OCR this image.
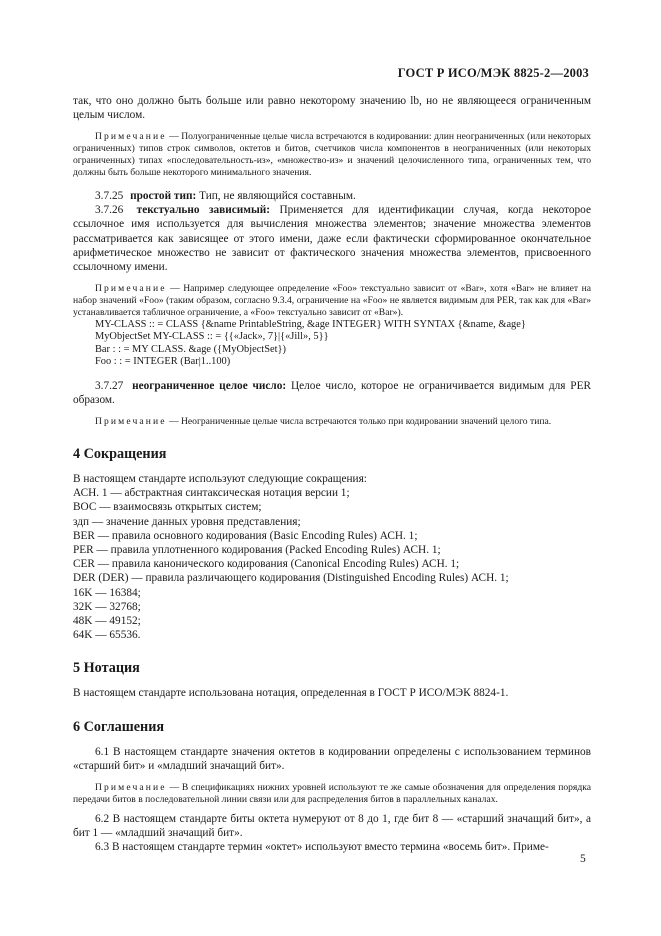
ГОСТ Р ИСО/МЭК 8825-2—2003

так, что оно должно быть больше или равно некоторому значению lb, но не являющееся ограниченным целым числом.

Примечание — Полуограниченные целые числа встречаются в кодировании: длин неограниченных (или некоторых ограниченных) типов строк символов, октетов и битов, счетчиков числа компонентов в неограниченных (или некоторых ограниченных) типах «последовательность-из», «множество-из» и значений целочисленного типа, ограниченных тем, что должны быть больше некоторого минимального значения.

3.7.25 простой тип: Тип, не являющийся составным.

3.7.26 текстуально зависимый: Применяется для идентификации случая, когда некоторое ссылочное имя используется для вычисления множества элементов; значение множества элементов рассматривается как зависящее от этого имени, даже если фактически сформированное окончательное арифметическое множество не зависит от фактического значения множества элементов, присвоенного ссылочному имени.

Примечание — Например следующее определение «Foo» текстуально зависит от «Bar», хотя «Bar» не влияет на набор значений «Foo» (таким образом, согласно 9.3.4, ограничение на «Foo» не является видимым для PER, так как для «Bar» устанавливается табличное ограничение, а «Foo» текстуально зависит от «Bar»).

MY-CLASS :: = CLASS {&name PrintableString, &age INTEGER} WITH SYNTAX {&name, &age}

MyObjectSet MY-CLASS :: = {{«Jack», 7}|{«Jill», 5}}

Bar : : = MY CLASS. &age ({MyObjectSet})

Foo : : = INTEGER (Bar|1..100)

3.7.27 неограниченное целое число: Целое число, которое не ограничивается видимым для PER образом.

Примечание — Неограниченные целые числа встречаются только при кодировании значений целого типа.

4 Сокращения

В настоящем стандарте используют следующие сокращения:

АСН. 1 — абстрактная синтаксическая нотация версии 1;

ВОС — взаимосвязь открытых систем;

здп — значение данных уровня представления;

BER — правила основного кодирования (Basic Encoding Rules) АСН. 1;

PER — правила уплотненного кодирования (Packed Encoding Rules) АСН. 1;

CER — правила канонического кодирования (Canonical Encoding Rules) АСН. 1;

DER (DER) — правила различающего кодирования (Distinguished Encoding Rules) АСН. 1;

16K — 16384;

32K — 32768;

48K — 49152;

64K — 65536.

5 Нотация

В настоящем стандарте использована нотация, определенная в ГОСТ Р ИСО/МЭК 8824-1.

6 Соглашения

6.1 В настоящем стандарте значения октетов в кодировании определены с использованием терминов «старший бит» и «младший значащий бит».

Примечание — В спецификациях нижних уровней используют те же самые обозначения для определения порядка передачи битов в последовательной линии связи или для распределения битов в параллельных каналах.

6.2 В настоящем стандарте биты октета нумеруют от 8 до 1, где бит 8 — «старший значащий бит», а бит 1 — «младший значащий бит».

6.3 В настоящем стандарте термин «октет» используют вместо термина «восемь бит». Приме-

5
